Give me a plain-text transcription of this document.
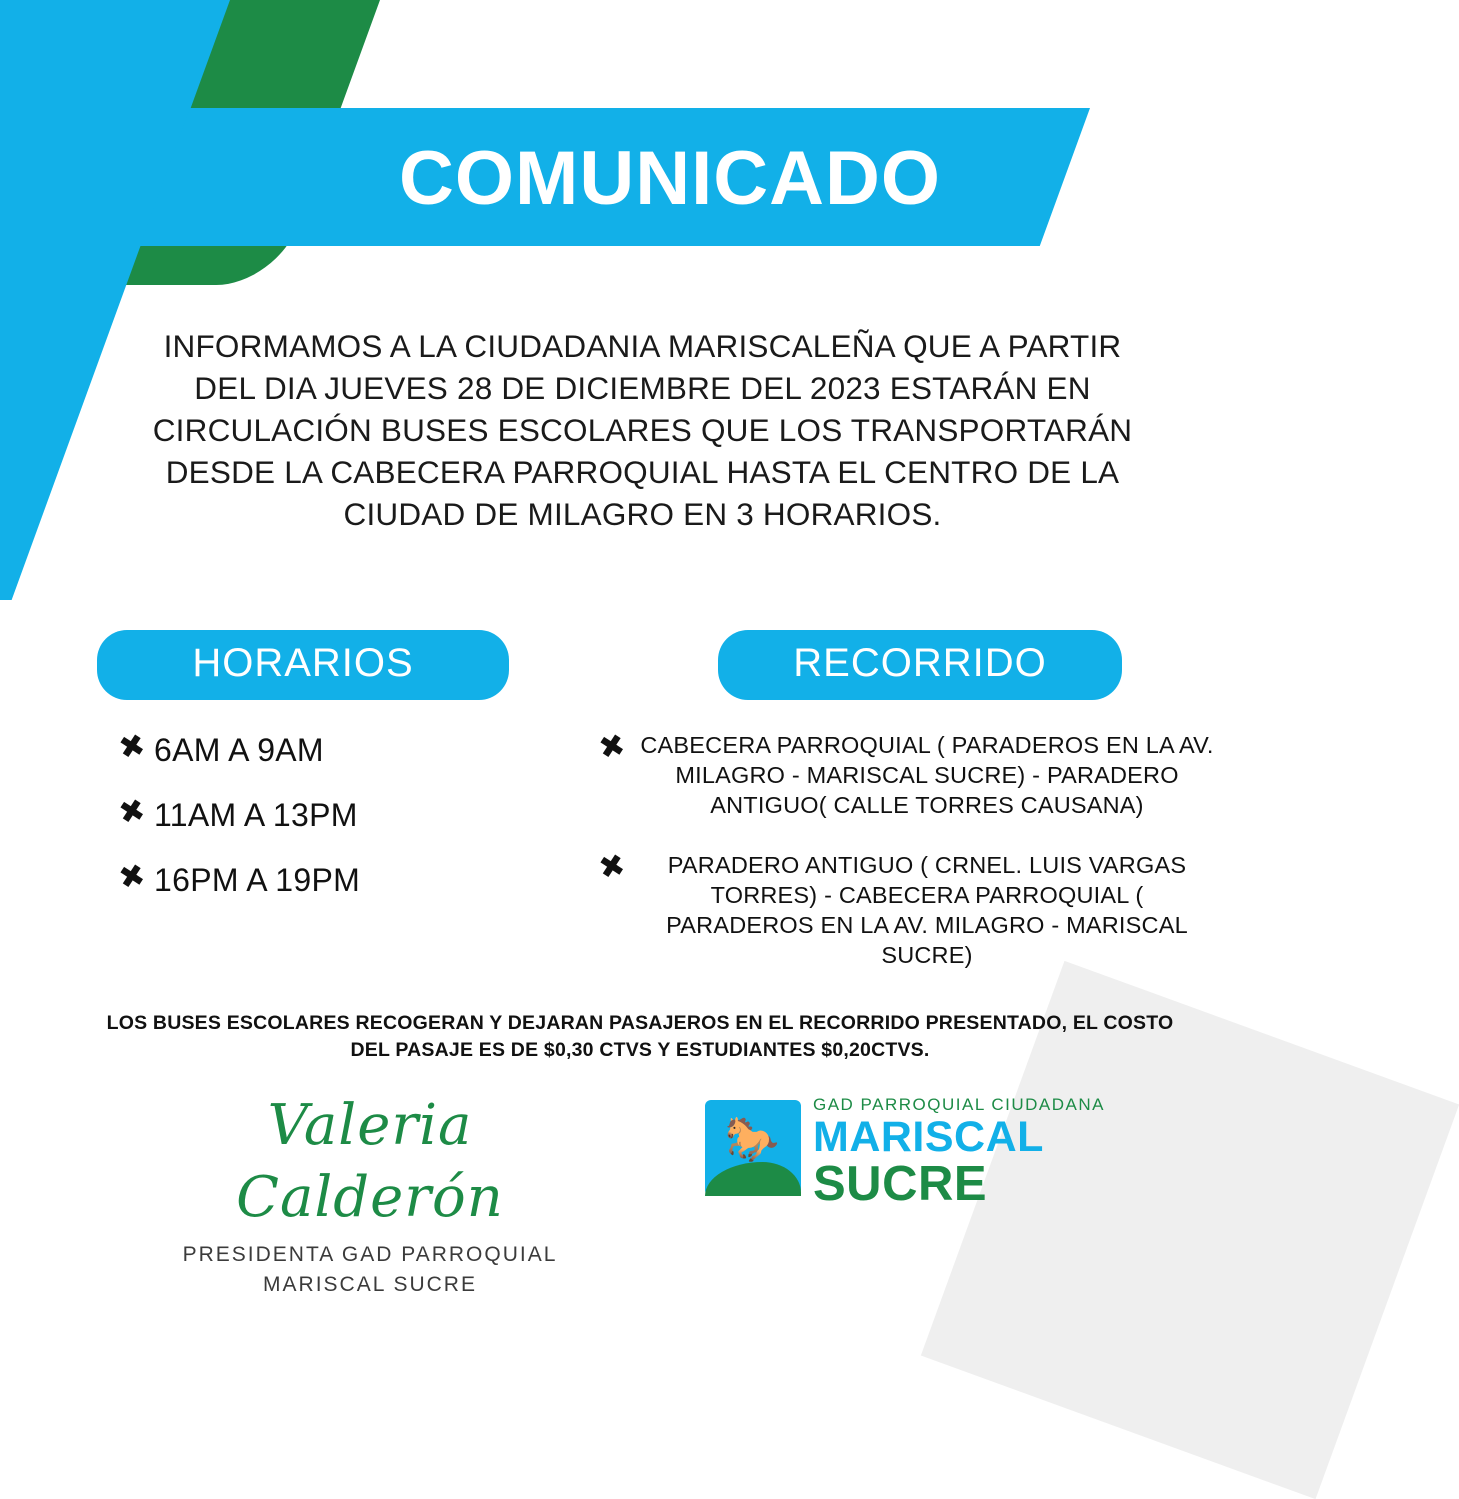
COMUNICADO
INFORMAMOS A LA CIUDADANIA MARISCALEÑA QUE A PARTIR DEL DIA JUEVES 28 DE DICIEMBRE DEL 2023 ESTARÁN EN CIRCULACIÓN BUSES ESCOLARES QUE LOS TRANSPORTARÁN DESDE LA CABECERA PARROQUIAL HASTA EL CENTRO DE LA CIUDAD DE MILAGRO EN 3 HORARIOS.
HORARIOS	RECORRIDO
✖ 6AM A 9AM
✖ 11AM A 13PM
✖ 16PM A 19PM
✖ CABECERA PARROQUIAL ( PARADEROS EN LA AV. MILAGRO - MARISCAL SUCRE) - PARADERO ANTIGUO( CALLE TORRES CAUSANA)
✖	PARADERO ANTIGUO ( CRNEL. LUIS VARGAS TORRES) - CABECERA PARROQUIAL ( PARADEROS EN LA AV. MILAGRO - MARISCAL SUCRE)
LOS BUSES ESCOLARES RECOGERAN Y DEJARAN PASAJEROS EN EL RECORRIDO PRESENTADO, EL COSTO DEL PASAJE ES DE $0,30 CTVS Y ESTUDIANTES $0,20CTVS.
Valeria Calderón
PRESIDENTA GAD PARROQUIAL
MARISCAL SUCRE
🐎
GAD PARROQUIAL CIUDADANA
MARISCAL
SUCRE
